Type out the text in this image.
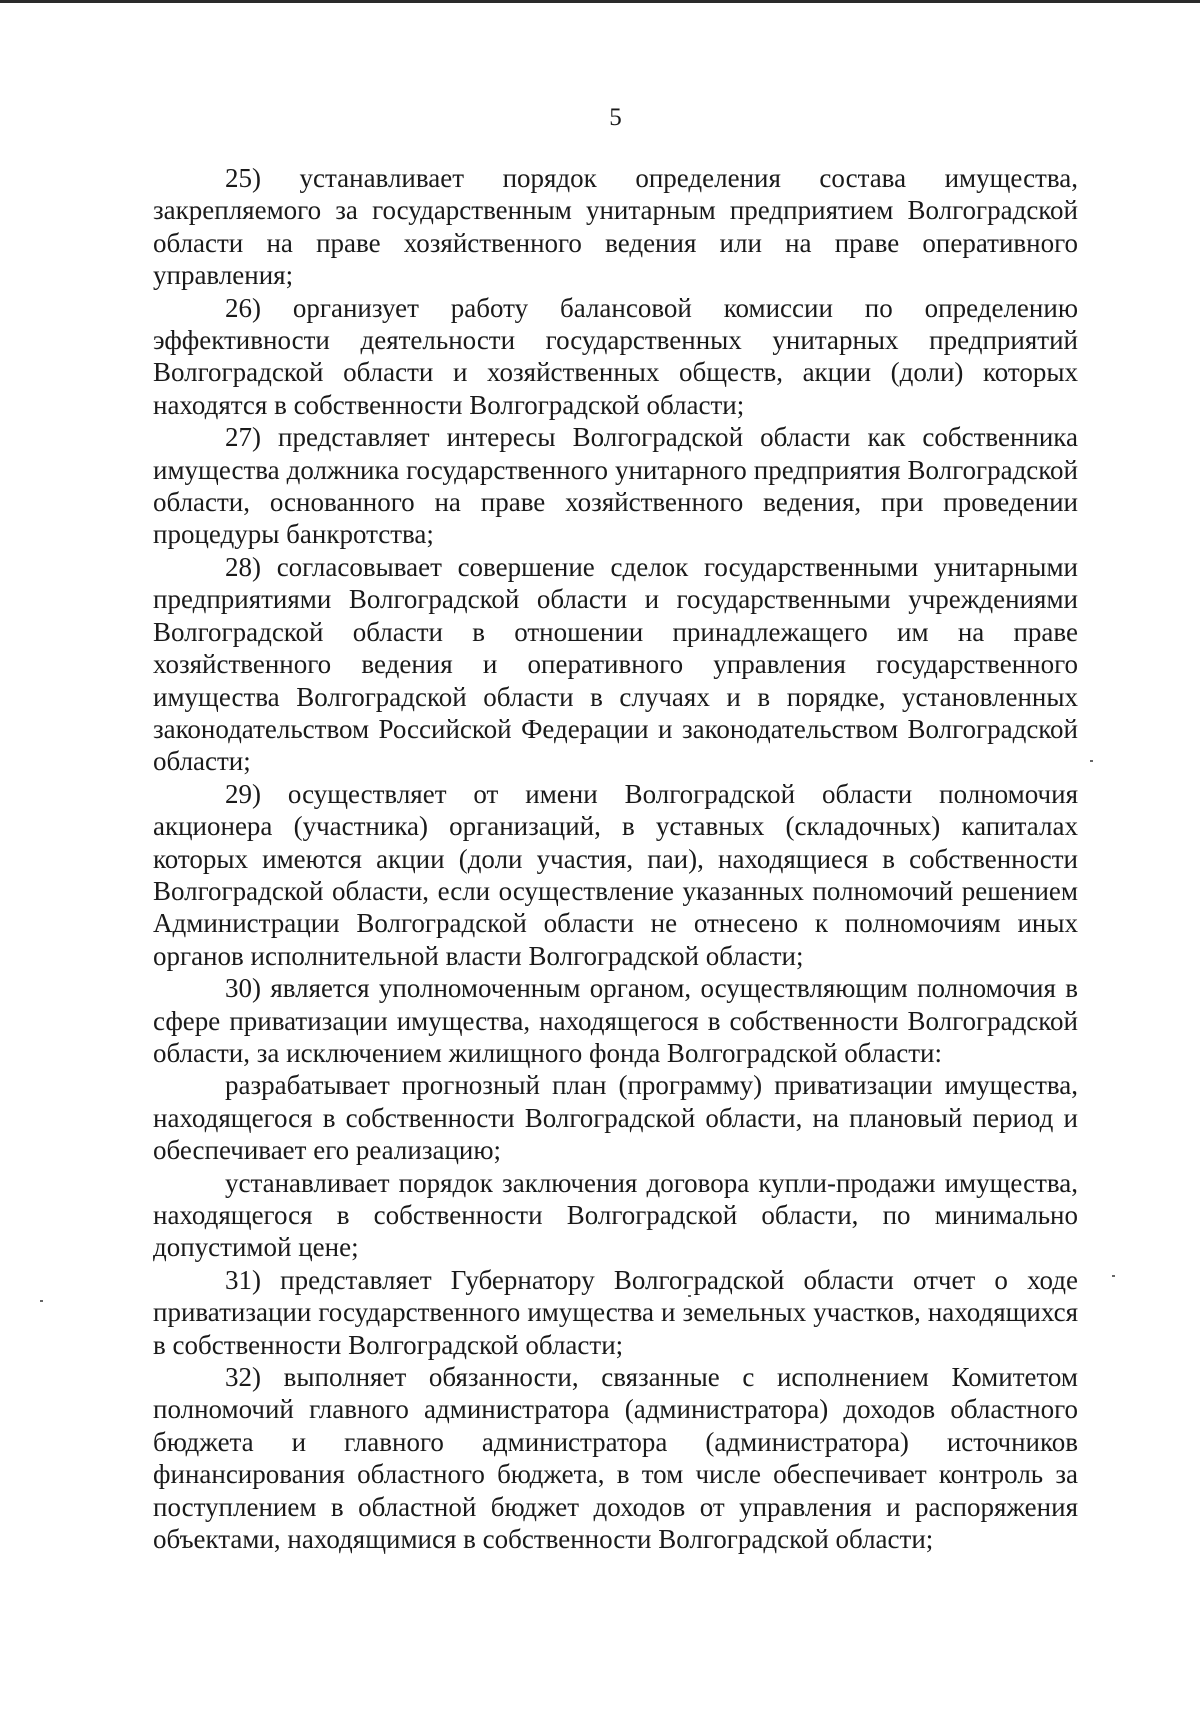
5

25) устанавливает порядок определения состава имущества, закрепляемого за государственным унитарным предприятием Волгоградской области на праве хозяйственного ведения или на праве оперативного управления;

26) организует работу балансовой комиссии по определению эффективности деятельности государственных унитарных предприятий Волгоградской области и хозяйственных обществ, акции (доли) которых находятся в собственности Волгоградской области;

27) представляет интересы Волгоградской области как собственника имущества должника государственного унитарного предприятия Волгоградской области, основанного на праве хозяйственного ведения, при проведении процедуры банкротства;

28) согласовывает совершение сделок государственными унитарными предприятиями Волгоградской области и государственными учреждениями Волгоградской области в отношении принадлежащего им на праве хозяйственного ведения и оперативного управления государственного имущества Волгоградской области в случаях и в порядке, установленных законодательством Российской Федерации и законодательством Волгоградской области;

29) осуществляет от имени Волгоградской области полномочия акционера (участника) организаций, в уставных (складочных) капиталах которых имеются акции (доли участия, паи), находящиеся в собственности Волгоградской области, если осуществление указанных полномочий решением Администрации Волгоградской области не отнесено к полномочиям иных органов исполнительной власти Волгоградской области;

30) является уполномоченным органом, осуществляющим полномочия в сфере приватизации имущества, находящегося в собственности Волгоградской области, за исключением жилищного фонда Волгоградской области:

разрабатывает прогнозный план (программу) приватизации имущества, находящегося в собственности Волгоградской области, на плановый период и обеспечивает его реализацию;

устанавливает порядок заключения договора купли-продажи имущества, находящегося в собственности Волгоградской области, по минимально допустимой цене;

31) представляет Губернатору Волгоградской области отчет о ходе приватизации государственного имущества и земельных участков, находящихся в собственности Волгоградской области;

32) выполняет обязанности, связанные с исполнением Комитетом полномочий главного администратора (администратора) доходов областного бюджета и главного администратора (администратора) источников финансирования областного бюджета, в том числе обеспечивает контроль за поступлением в областной бюджет доходов от управления и распоряжения объектами, находящимися в собственности Волгоградской области;
